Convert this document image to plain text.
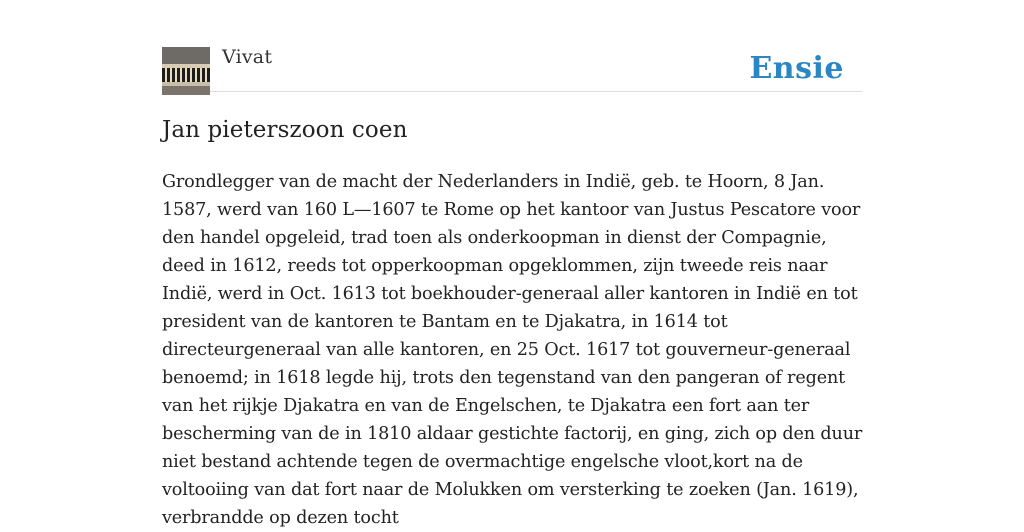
Vivat	Ensie
Jan pieterszoon coen

Grondlegger van de macht der Nederlanders in Indië, geb. te Hoorn, 8 Jan. 1587, werd van 160 L—1607 te Rome op het kantoor van Justus Pescatore voor den handel opgeleid, trad toen als onderkoopman in dienst der Compagnie, deed in 1612, reeds tot opperkoopman opgeklommen, zijn tweede reis naar Indië, werd in Oct. 1613 tot boekhouder-generaal aller kantoren in Indië en tot president van de kantoren te Bantam en te Djakatra, in 1614 tot directeurgeneraal van alle kantoren, en 25 Oct. 1617 tot gouverneur-generaal benoemd; in 1618 legde hij, trots den tegenstand van den pangeran of regent van het rijkje Djakatra en van de Engelschen, te Djakatra een fort aan ter bescherming van de in 1810 aldaar gestichte factorij, en ging, zich op den duur niet bestand achtende tegen de overmachtige engelsche vloot,kort na de voltooiing van dat fort naar de Molukken om versterking te zoeken (Jan. 1619), verbrandde op dezen tocht
